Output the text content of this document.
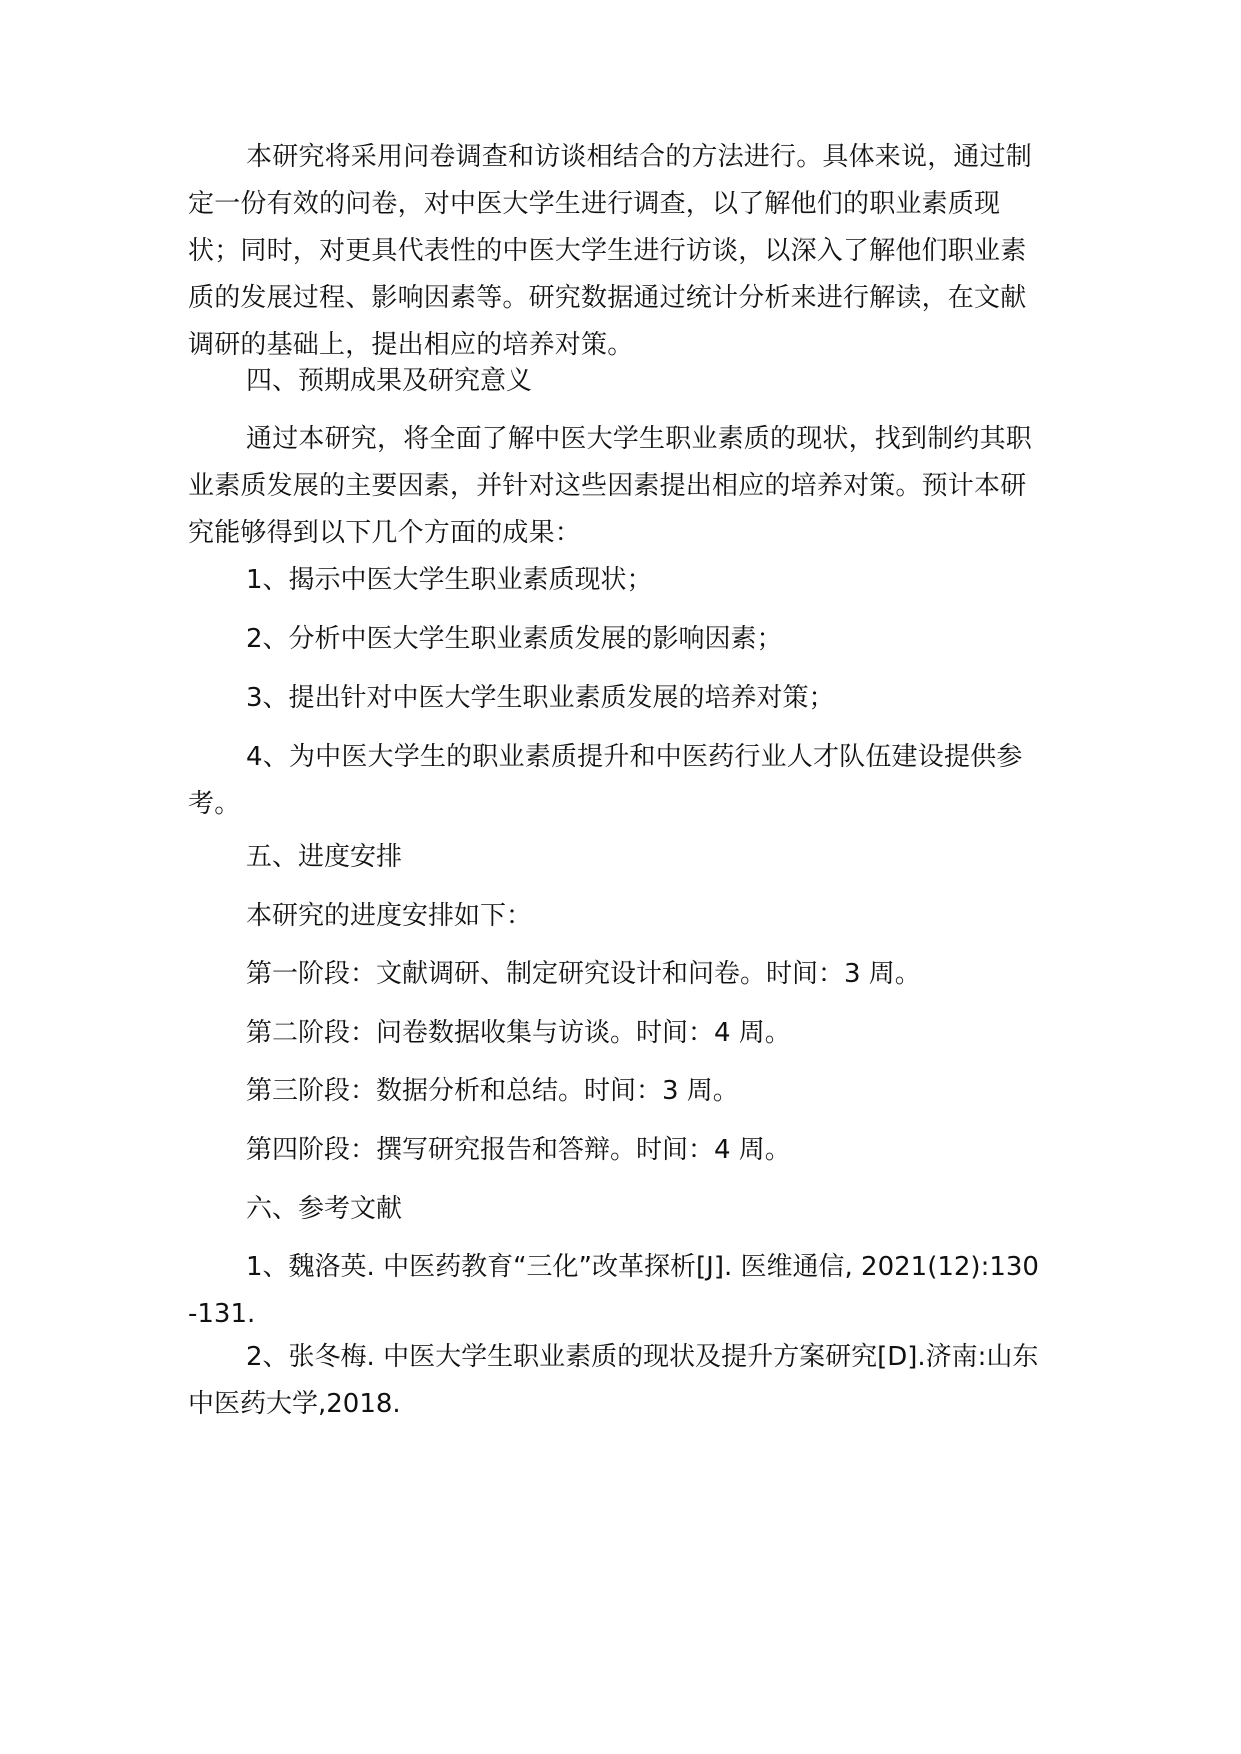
本研究将采用问卷调查和访谈相结合的方法进行。具体来说，通过制定一份有效的问卷，对中医大学生进行调查，以了解他们的职业素质现状；同时，对更具代表性的中医大学生进行访谈，以深入了解他们职业素质的发展过程、影响因素等。研究数据通过统计分析来进行解读，在文献调研的基础上，提出相应的培养对策。

四、预期成果及研究意义

通过本研究，将全面了解中医大学生职业素质的现状，找到制约其职业素质发展的主要因素，并针对这些因素提出相应的培养对策。预计本研究能够得到以下几个方面的成果：

1、揭示中医大学生职业素质现状；

2、分析中医大学生职业素质发展的影响因素；

3、提出针对中医大学生职业素质发展的培养对策；

4、为中医大学生的职业素质提升和中医药行业人才队伍建设提供参考。

五、进度安排

本研究的进度安排如下：

第一阶段：文献调研、制定研究设计和问卷。时间：3 周。

第二阶段：问卷数据收集与访谈。时间：4 周。

第三阶段：数据分析和总结。时间：3 周。

第四阶段：撰写研究报告和答辩。时间：4 周。

六、参考文献

1、魏洛英. 中医药教育“三化”改革探析[J]. 医维通信, 2021(12):130-131.

2、张冬梅. 中医大学生职业素质的现状及提升方案研究[D].济南:山东中医药大学,2018.
